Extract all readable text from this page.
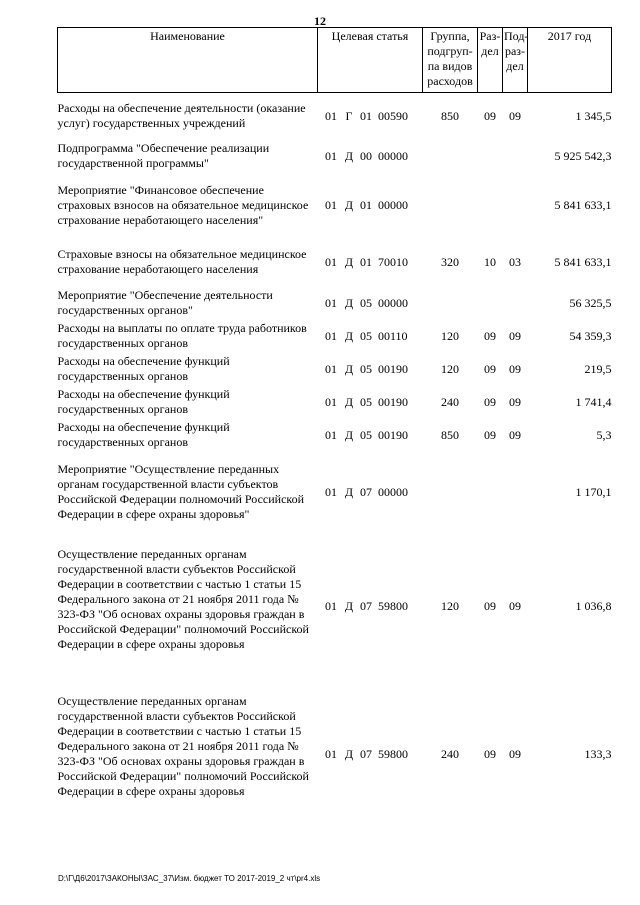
12
Наименование	Целевая статья	Группа, подгруп-па видов расходов	Раз-дел	Под-раз-дел	2017 год
Расходы на обеспечение деятельности (оказание услуг) государственных учреждений	01 Г 01 00590	850	09	09	1 345,5
Подпрограмма "Обеспечение реализации государственной программы"	01 Д 00 00000				5 925 542,3
Мероприятие "Финансовое обеспечение страховых взносов на обязательное медицинское страхование неработающего населения"	01 Д 01 00000				5 841 633,1
Страховые взносы на обязательное медицинское страхование неработающего населения	01 Д 01 70010	320	10	03	5 841 633,1
Мероприятие "Обеспечение деятельности государственных органов"	01 Д 05 00000				56 325,5
Расходы на выплаты по оплате труда работников государственных органов	01 Д 05 00110	120	09	09	54 359,3
Расходы на обеспечение функций государственных органов	01 Д 05 00190	120	09	09	219,5
Расходы на обеспечение функций государственных органов	01 Д 05 00190	240	09	09	1 741,4
Расходы на обеспечение функций государственных органов	01 Д 05 00190	850	09	09	5,3
Мероприятие "Осуществление переданных органам государственной власти субъектов Российской Федерации полномочий Российской Федерации в сфере охраны здоровья"	01 Д 07 00000				1 170,1
Осуществление переданных органам государственной власти субъектов Российской Федерации в соответствии с частью 1 статьи 15 Федерального закона от 21 ноября 2011 года № 323-ФЗ "Об основах охраны здоровья граждан в Российской Федерации" полномочий Российской Федерации в сфере охраны здоровья	01 Д 07 59800	120	09	09	1 036,8
Осуществление переданных органам государственной власти субъектов Российской Федерации в соответствии с частью 1 статьи 15 Федерального закона от 21 ноября 2011 года № 323-ФЗ "Об основах охраны здоровья граждан в Российской Федерации" полномочий Российской Федерации в сфере охраны здоровья	01 Д 07 59800	240	09	09	133,3
D:\Г\Д6\2017\ЗАКОНЫ\ЗАС_37\Изм. бюджет ТО 2017-2019_2 чт\pr4.xls
